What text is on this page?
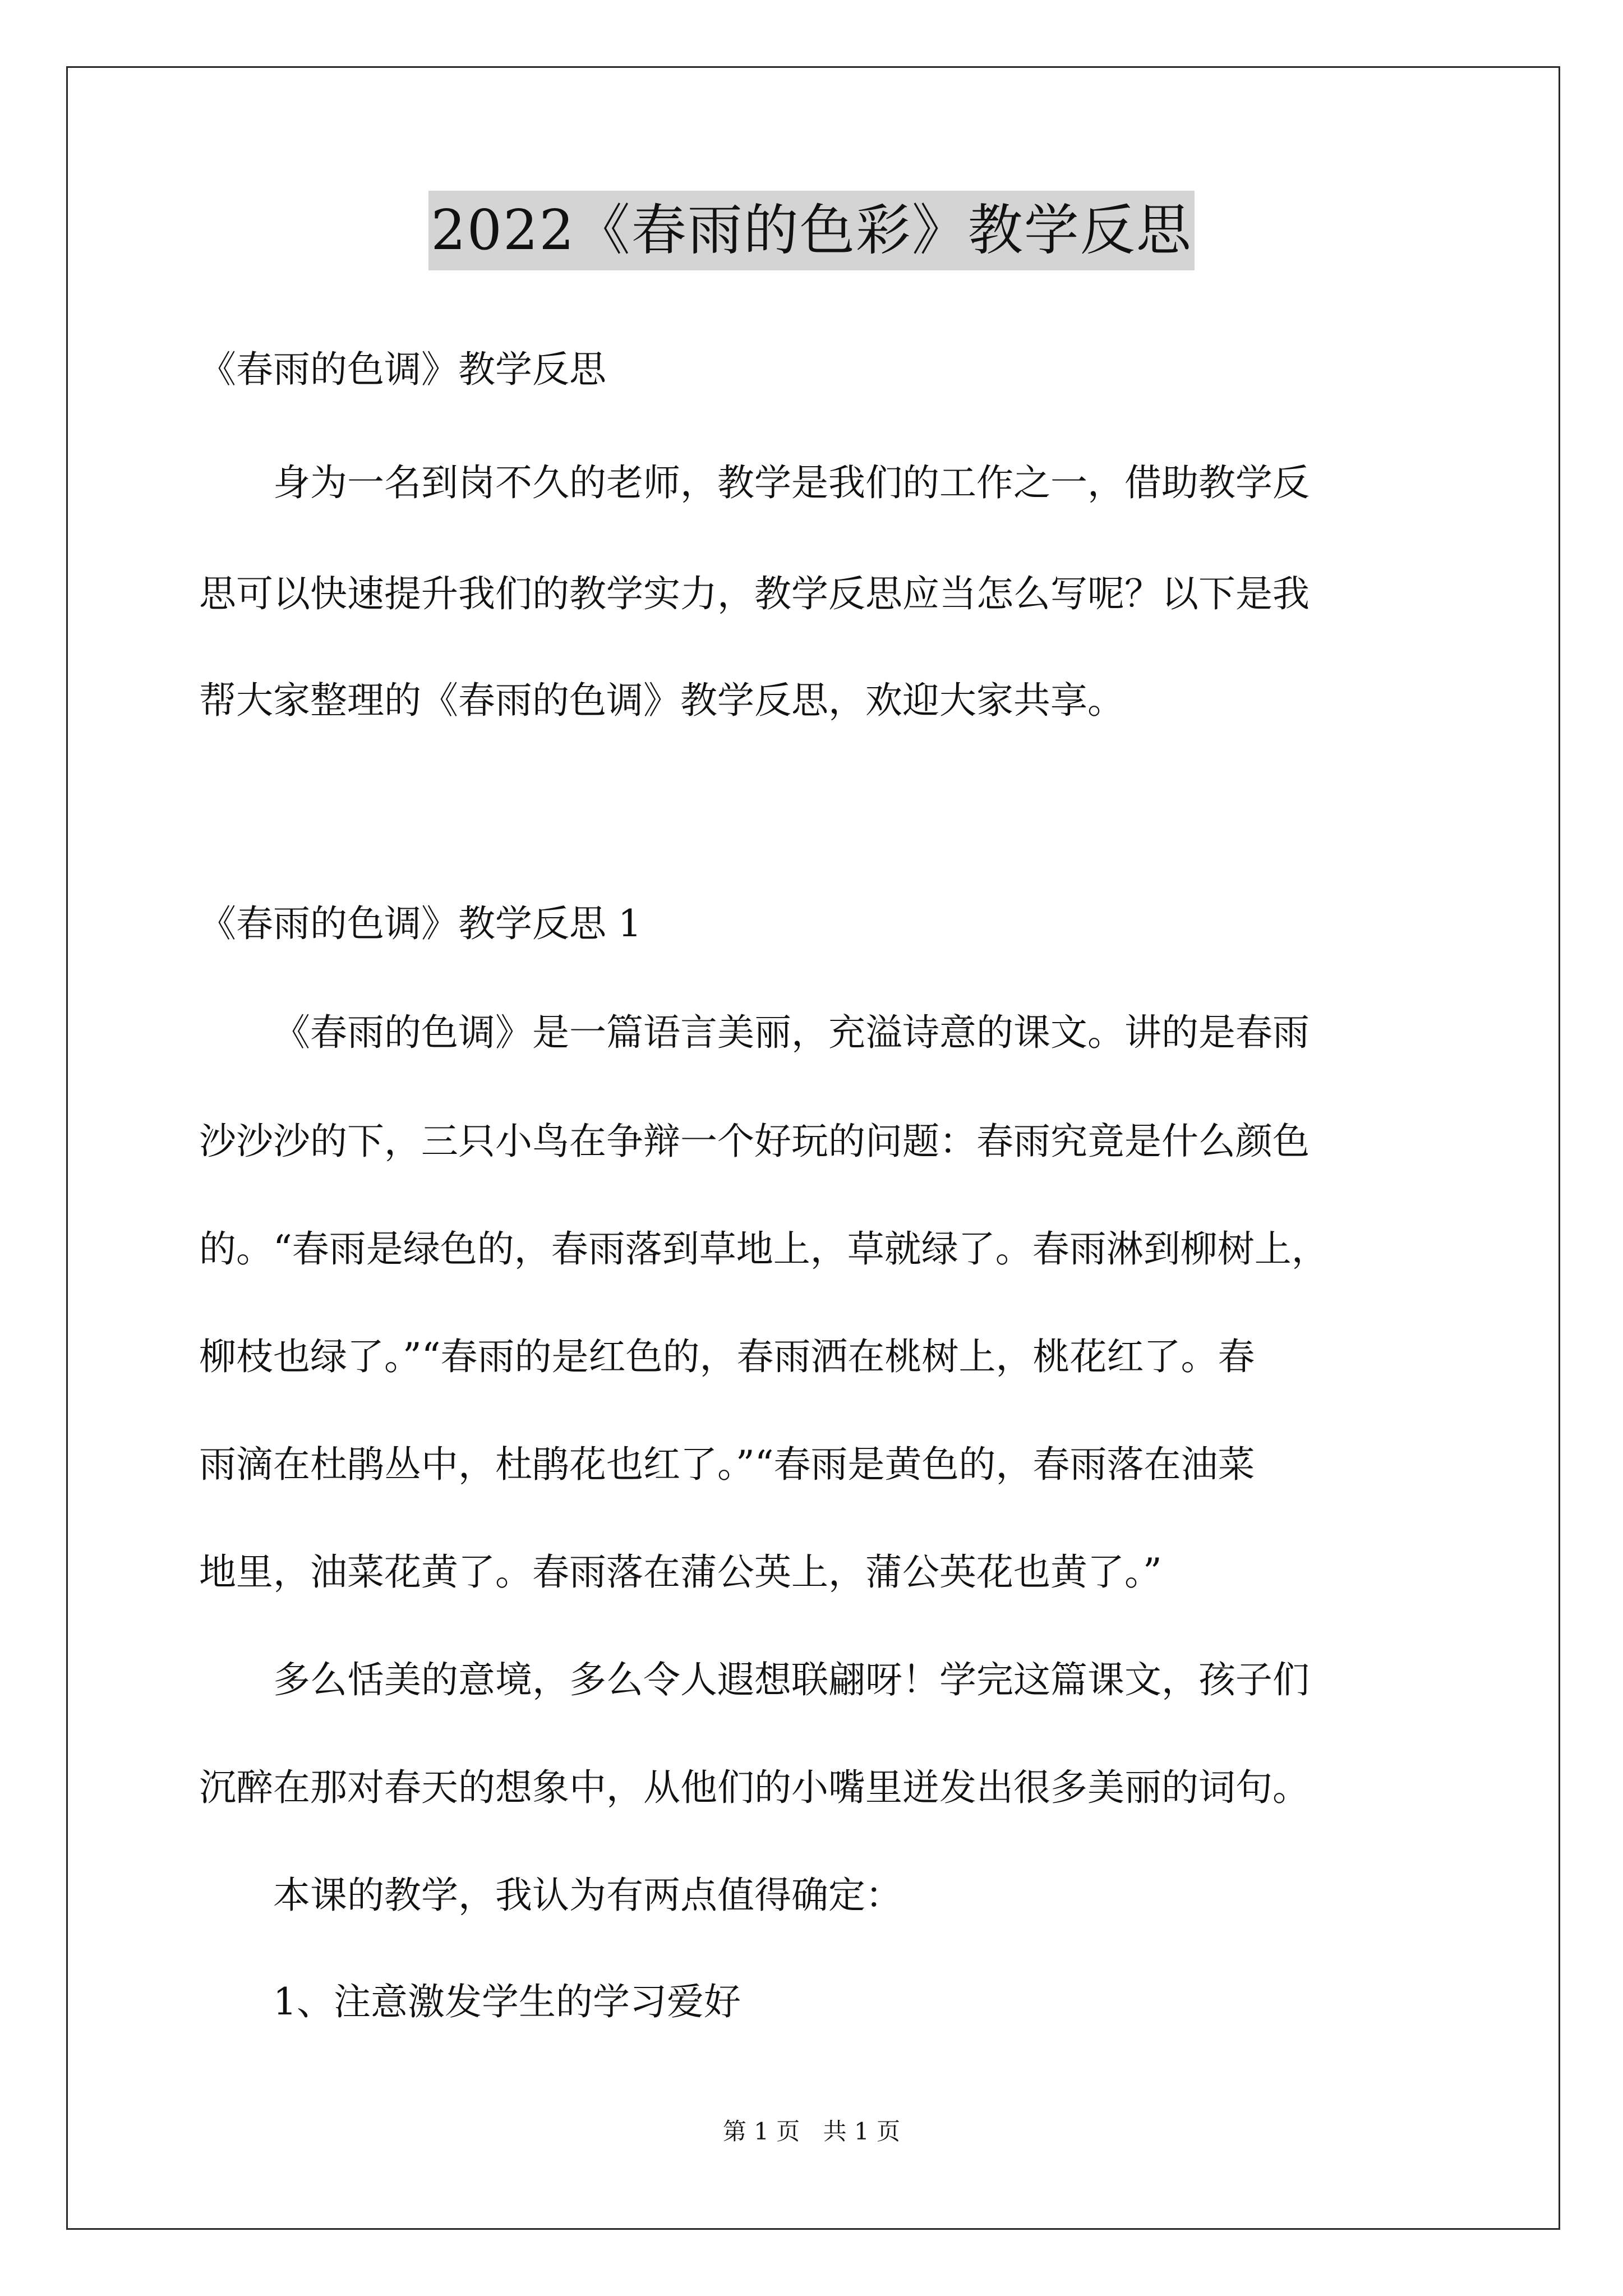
2022《春雨的色彩》教学反思

《春雨的色调》教学反思

身为一名到岗不久的老师，教学是我们的工作之一，借助教学反

思可以快速提升我们的教学实力，教学反思应当怎么写呢？以下是我

帮大家整理的《春雨的色调》教学反思，欢迎大家共享。

《春雨的色调》教学反思 1

《春雨的色调》是一篇语言美丽，充溢诗意的课文。讲的是春雨

沙沙沙的下，三只小鸟在争辩一个好玩的问题：春雨究竟是什么颜色

的。“春雨是绿色的，春雨落到草地上，草就绿了。春雨淋到柳树上，

柳枝也绿了。”“春雨的是红色的，春雨洒在桃树上，桃花红了。春

雨滴在杜鹃丛中，杜鹃花也红了。”“春雨是黄色的，春雨落在油菜

地里，油菜花黄了。春雨落在蒲公英上，蒲公英花也黄了。”

多么恬美的意境，多么令人遐想联翩呀！学完这篇课文，孩子们

沉醉在那对春天的想象中，从他们的小嘴里迸发出很多美丽的词句。

本课的教学，我认为有两点值得确定：

1、注意激发学生的学习爱好

第 1 页 共 1 页
